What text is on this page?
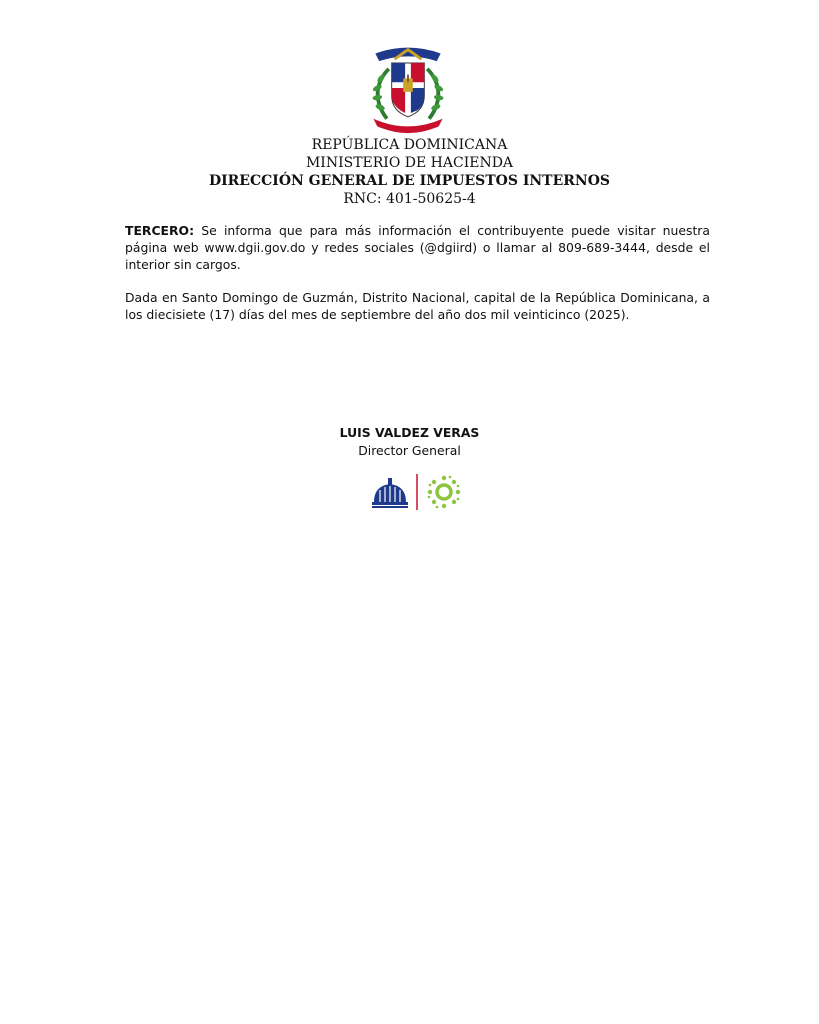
REPÚBLICA DOMINICANA
MINISTERIO DE HACIENDA
DIRECCIÓN GENERAL DE IMPUESTOS INTERNOS
RNC: 401-50625-4
TERCERO: Se informa que para más información el contribuyente puede visitar nuestra página web www.dgii.gov.do y redes sociales (@dgiird) o llamar al 809-689-3444, desde el interior sin cargos.
Dada en Santo Domingo de Guzmán, Distrito Nacional, capital de la República Dominicana, a los diecisiete (17) días del mes de septiembre del año dos mil veinticinco (2025).
LUIS VALDEZ VERAS
Director General
